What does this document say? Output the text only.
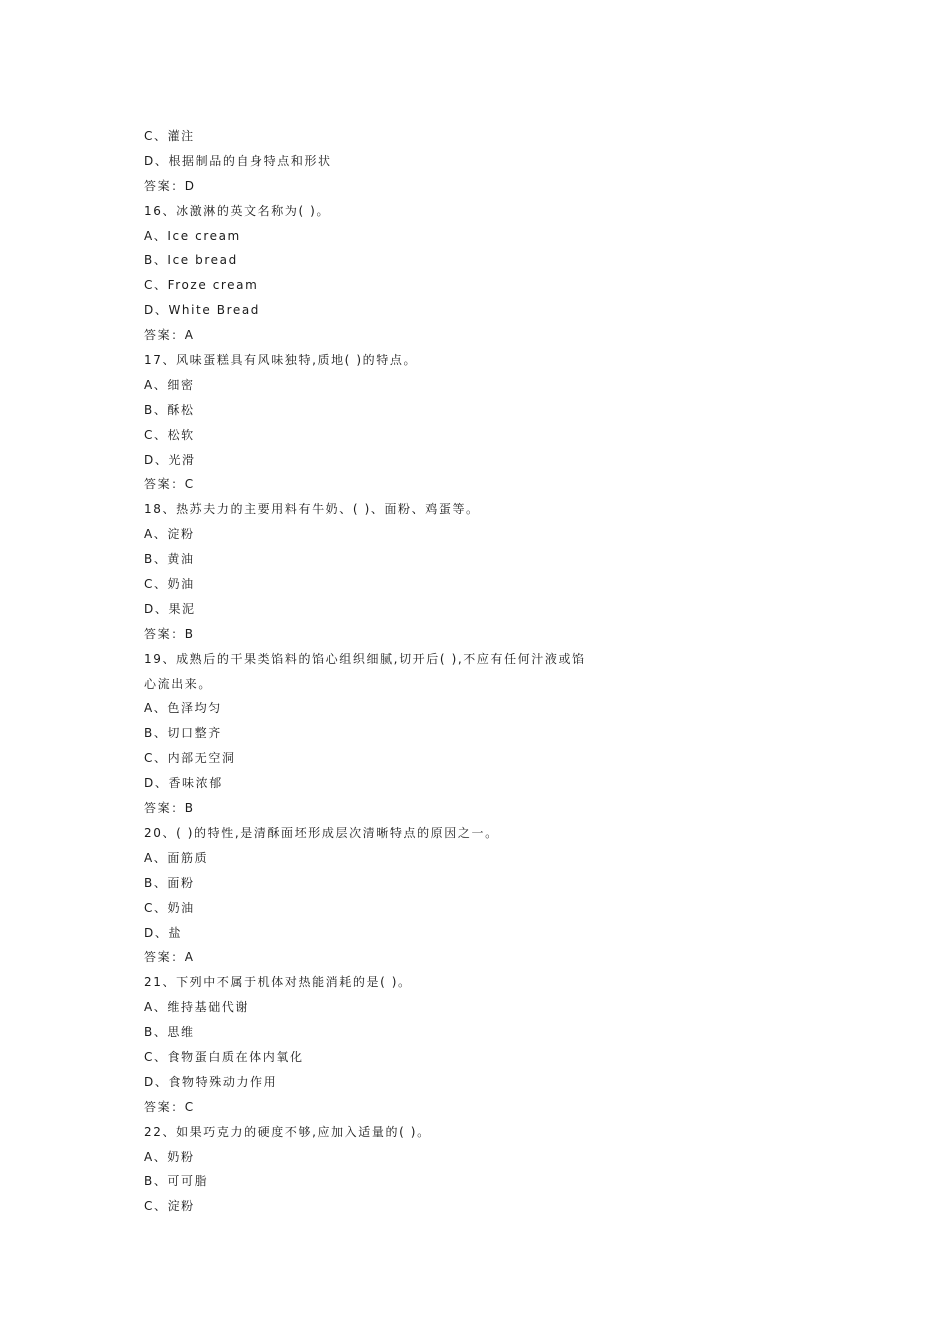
C、灌注
D、根据制品的自身特点和形状
答案：D
16、冰激淋的英文名称为( )。
A、Ice cream
B、Ice bread
C、Froze cream
D、White Bread
答案：A
17、风味蛋糕具有风味独特,质地( )的特点。
A、细密
B、酥松
C、松软
D、光滑
答案：C
18、热苏夫力的主要用料有牛奶、( )、面粉、鸡蛋等。
A、淀粉
B、黄油
C、奶油
D、果泥
答案：B
19、成熟后的干果类馅料的馅心组织细腻,切开后( ),不应有任何汁液或馅
心流出来。
A、色泽均匀
B、切口整齐
C、内部无空洞
D、香味浓郁
答案：B
20、( )的特性,是清酥面坯形成层次清晰特点的原因之一。
A、面筋质
B、面粉
C、奶油
D、盐
答案：A
21、下列中不属于机体对热能消耗的是( )。
A、维持基础代谢
B、思维
C、食物蛋白质在体内氧化
D、食物特殊动力作用
答案：C
22、如果巧克力的硬度不够,应加入适量的( )。
A、奶粉
B、可可脂
C、淀粉
